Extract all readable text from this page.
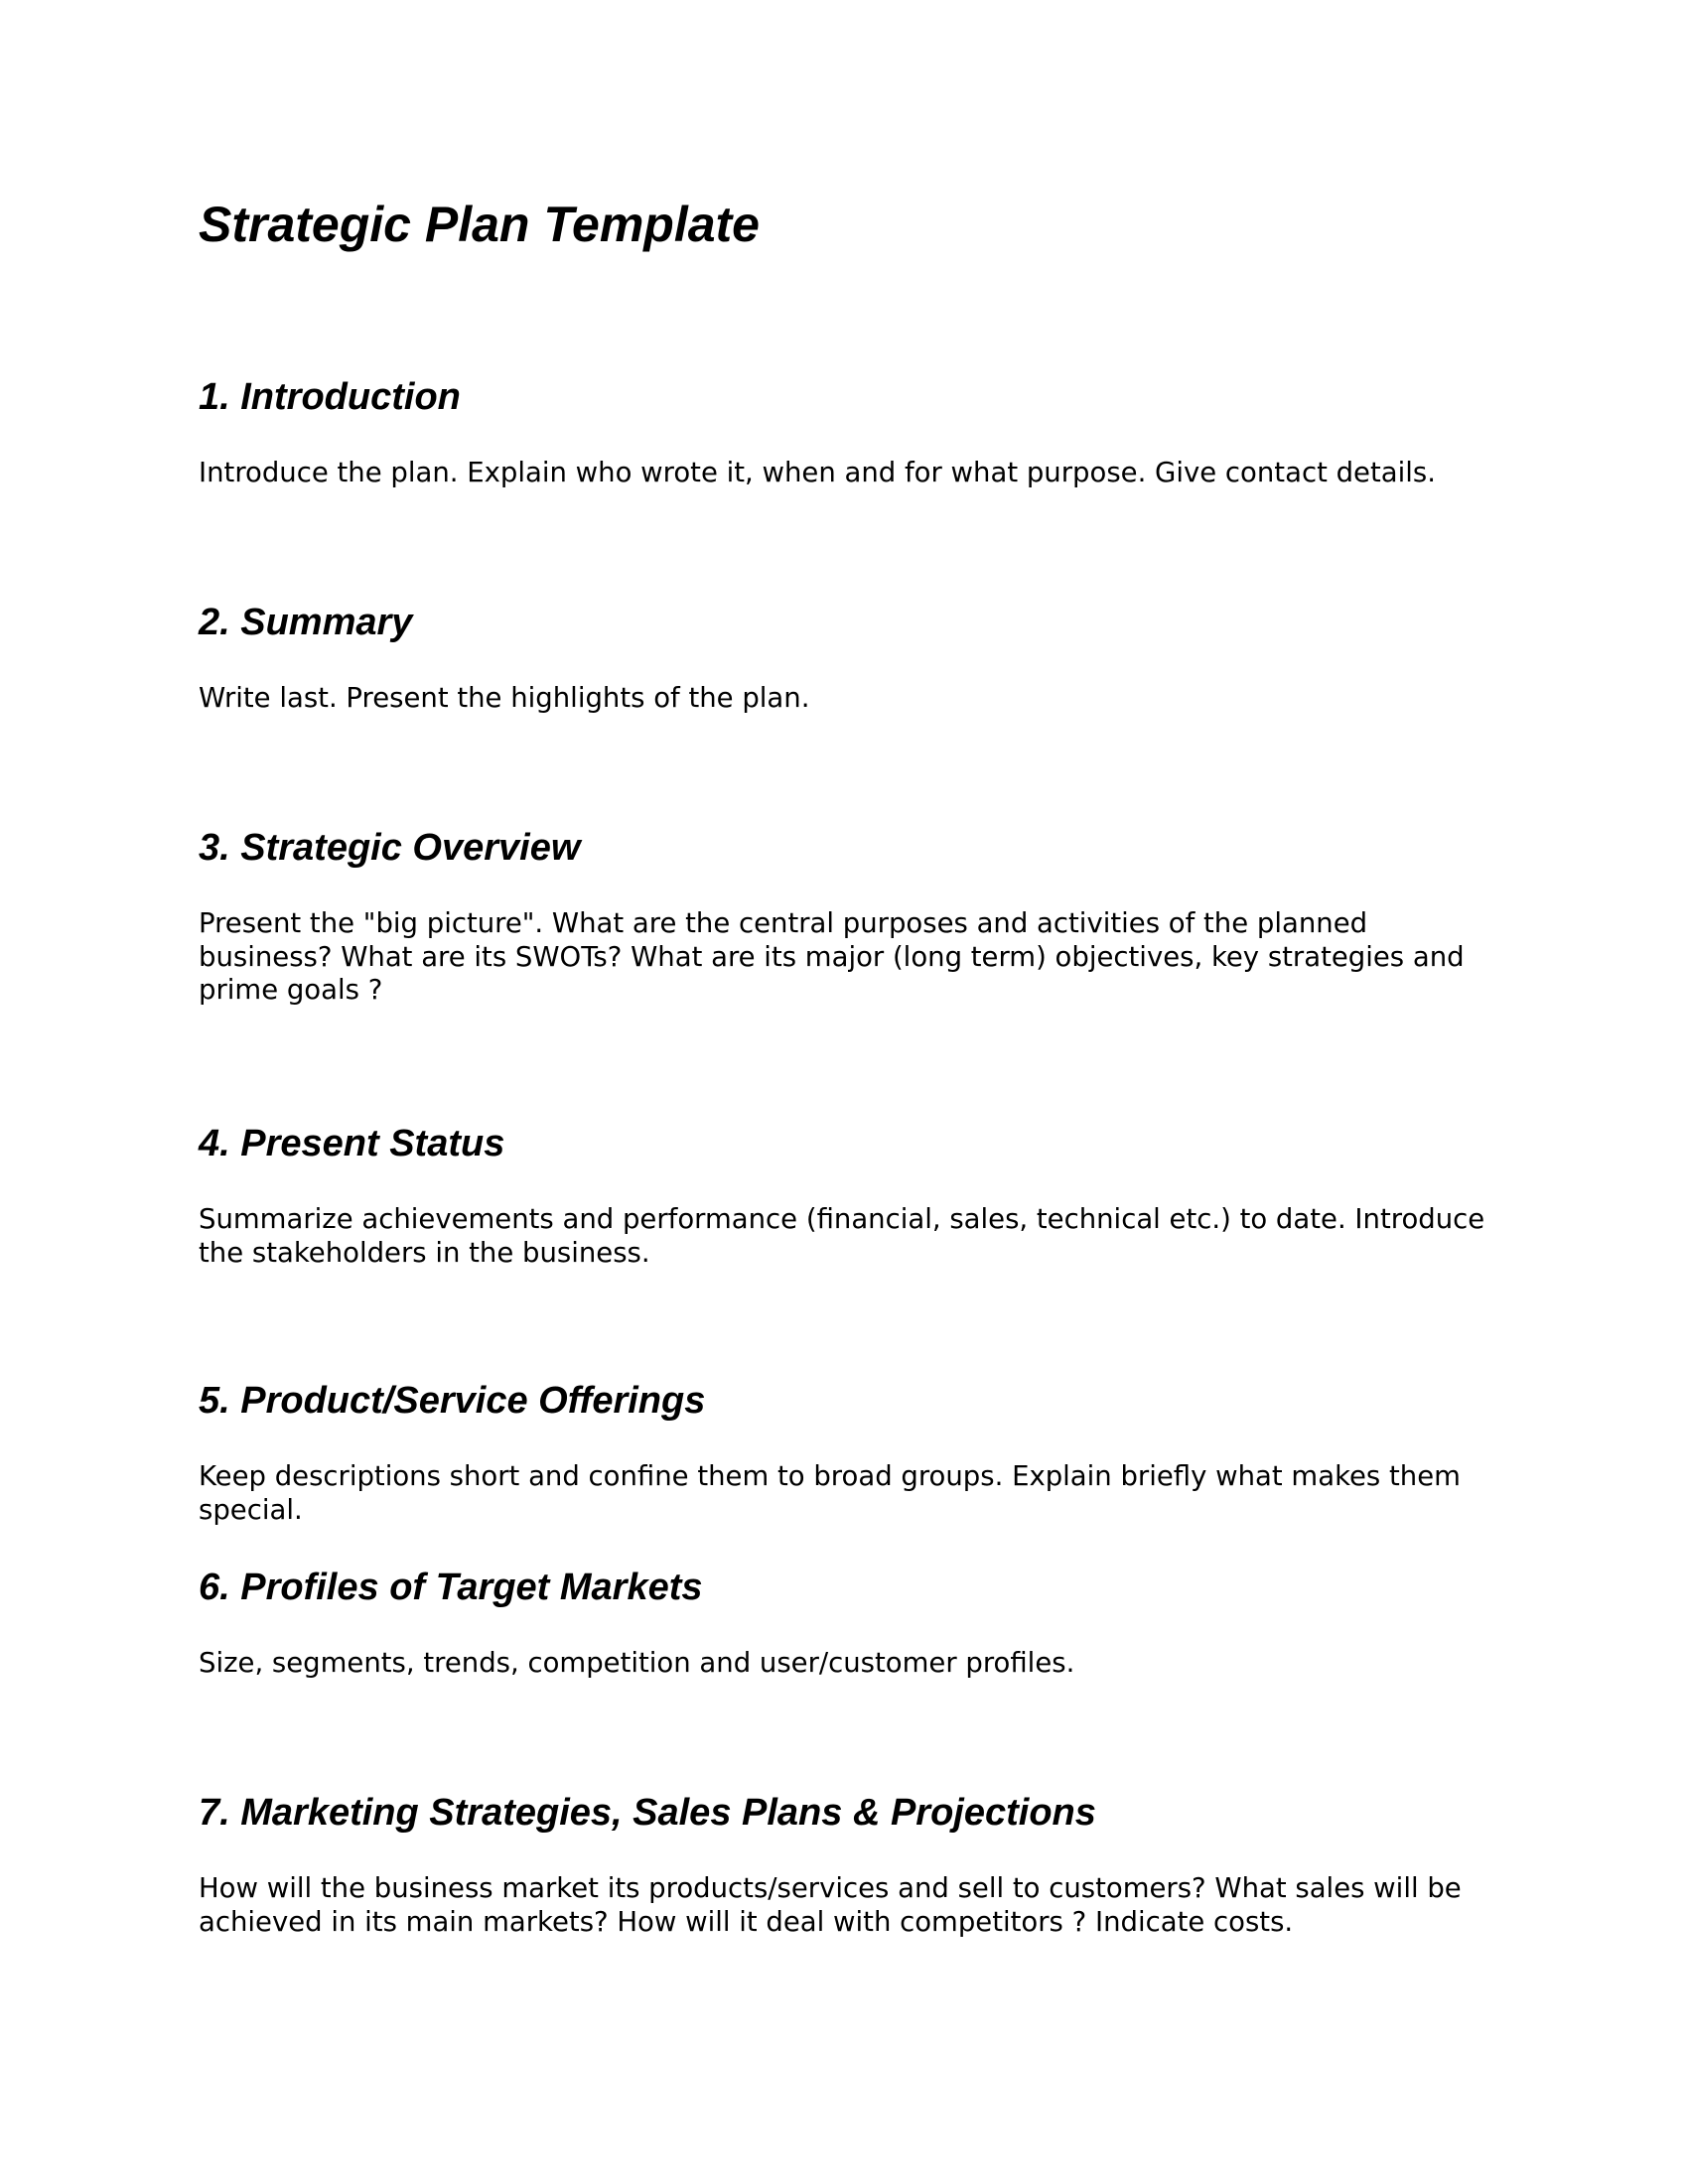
Strategic Plan Template
1. Introduction

Introduce the plan. Explain who wrote it, when and for what purpose. Give contact details.

2. Summary

Write last. Present the highlights of the plan.

3. Strategic Overview

Present the "big picture". What are the central purposes and activities of the planned business? What are its SWOTs? What are its major (long term) objectives, key strategies and prime goals ?

4. Present Status

Summarize achievements and performance (financial, sales, technical etc.) to date. Introduce the stakeholders in the business.

5. Product/Service Offerings

Keep descriptions short and confine them to broad groups. Explain briefly what makes them special.

6. Profiles of Target Markets

Size, segments, trends, competition and user/customer profiles.

7. Marketing Strategies, Sales Plans & Projections

How will the business market its products/services and sell to customers? What sales will be achieved in its main markets? How will it deal with competitors ? Indicate costs.
